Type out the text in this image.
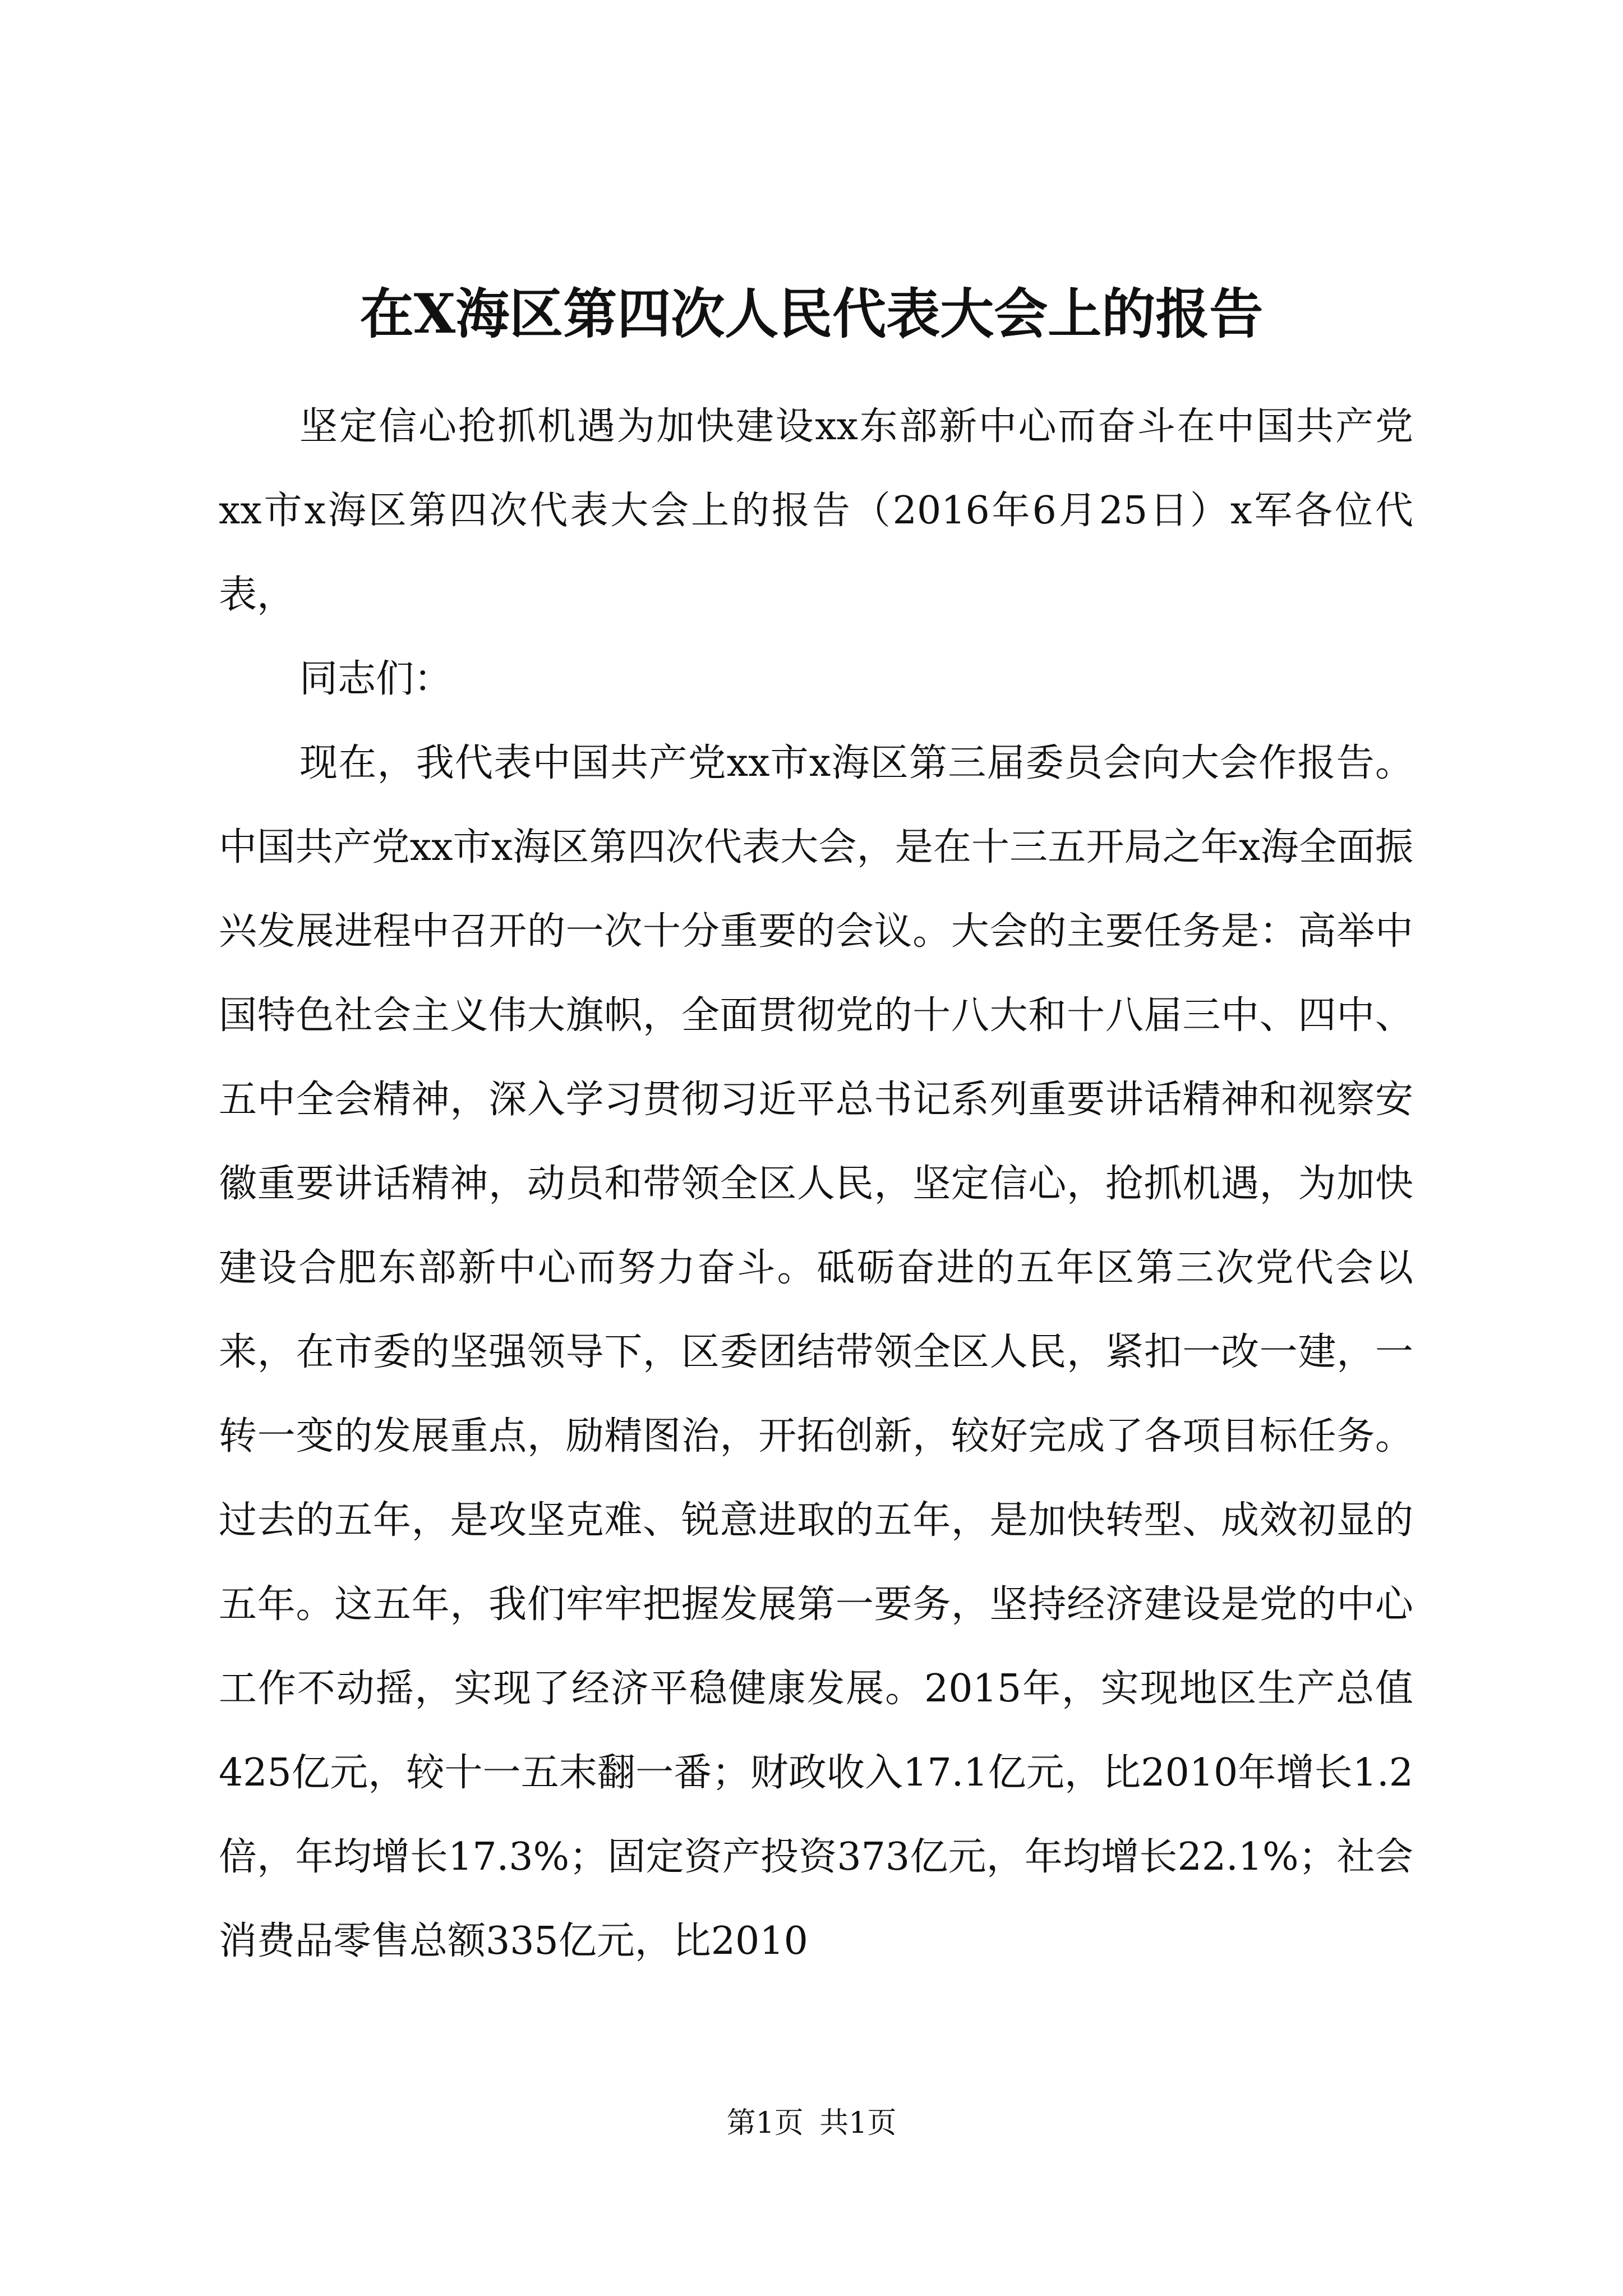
在X海区第四次人民代表大会上的报告

坚定信心抢抓机遇为加快建设xx东部新中心而奋斗在中国共产党xx市x海区第四次代表大会上的报告（2016年6月25日）x军各位代表，

同志们：

现在，我代表中国共产党xx市x海区第三届委员会向大会作报告。中国共产党xx市x海区第四次代表大会，是在十三五开局之年x海全面振兴发展进程中召开的一次十分重要的会议。大会的主要任务是：高举中国特色社会主义伟大旗帜，全面贯彻党的十八大和十八届三中、四中、五中全会精神，深入学习贯彻习近平总书记系列重要讲话精神和视察安徽重要讲话精神，动员和带领全区人民，坚定信心，抢抓机遇，为加快建设合肥东部新中心而努力奋斗。砥砺奋进的五年区第三次党代会以来，在市委的坚强领导下，区委团结带领全区人民，紧扣一改一建，一转一变的发展重点，励精图治，开拓创新，较好完成了各项目标任务。过去的五年，是攻坚克难、锐意进取的五年，是加快转型、成效初显的五年。这五年，我们牢牢把握发展第一要务，坚持经济建设是党的中心工作不动摇，实现了经济平稳健康发展。2015年，实现地区生产总值425亿元，较十一五末翻一番；财政收入17.1亿元，比2010年增长1.2倍，年均增长17.3%；固定资产投资373亿元，年均增长22.1%；社会消费品零售总额335亿元，比2010

第1页 共1页
